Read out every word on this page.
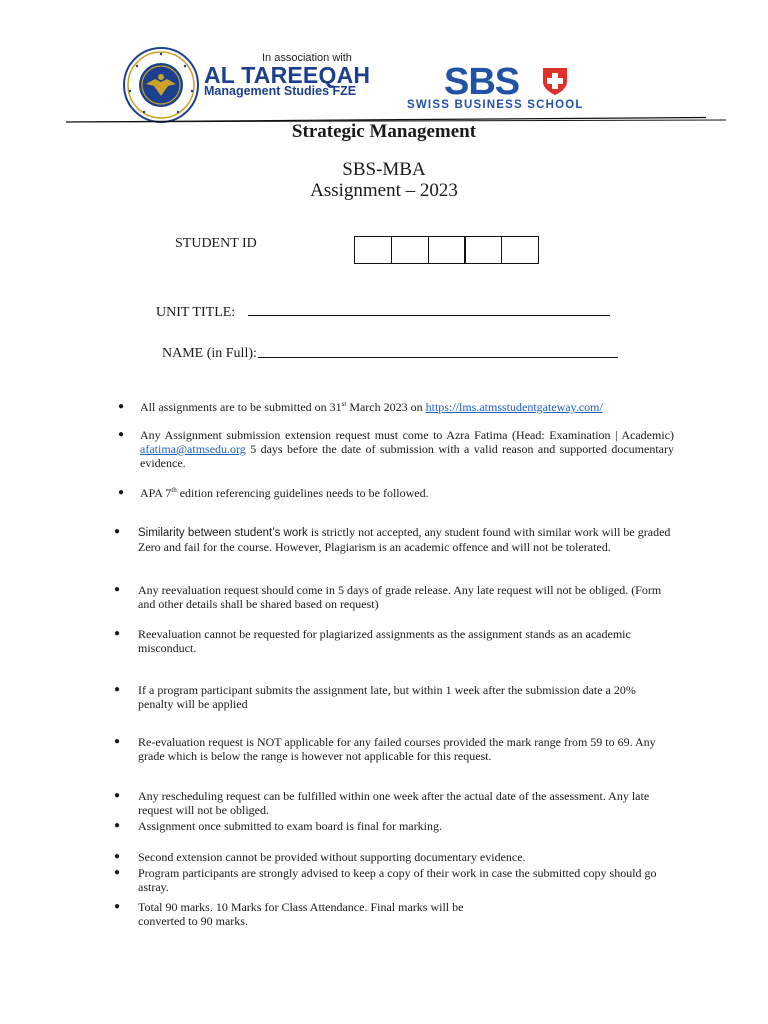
In association with
AL TAREEQAH
Management Studies FZE SBS
SWISS BUSINESS SCHOOL
Strategic Management
SBS-MBA
Assignment – 2023
STUDENT ID
UNIT TITLE:
NAME (in Full):
● All assignments are to be submitted on 31st March 2023 on https://lms.atmsstudentgateway.com/
● Any Assignment submission extension request must come to Azra Fatima (Head: Examination | Academic) afatima@atmsedu.org 5 days before the date of submission with a valid reason and supported documentary evidence.
● APA 7th edition referencing guidelines needs to be followed.
● Similarity between student’s work is strictly not accepted, any student found with similar work will be graded Zero and fail for the course. However, Plagiarism is an academic offence and will not be tolerated.
● Any reevaluation request should come in 5 days of grade release. Any late request will not be obliged. (Form and other details shall be shared based on request)
● Reevaluation cannot be requested for plagiarized assignments as the assignment stands as an academic misconduct.
● If a program participant submits the assignment late, but within 1 week after the submission date a 20% penalty will be applied
● Re-evaluation request is NOT applicable for any failed courses provided the mark range from 59 to 69. Any grade which is below the range is however not applicable for this request.
● Any rescheduling request can be fulfilled within one week after the actual date of the assessment. Any late request will not be obliged.
● Assignment once submitted to exam board is final for marking.
● Second extension cannot be provided without supporting documentary evidence.
● Program participants are strongly advised to keep a copy of their work in case the submitted copy should go astray.
● Total 90 marks. 10 Marks for Class Attendance. Final marks will be
converted to 90 marks.
